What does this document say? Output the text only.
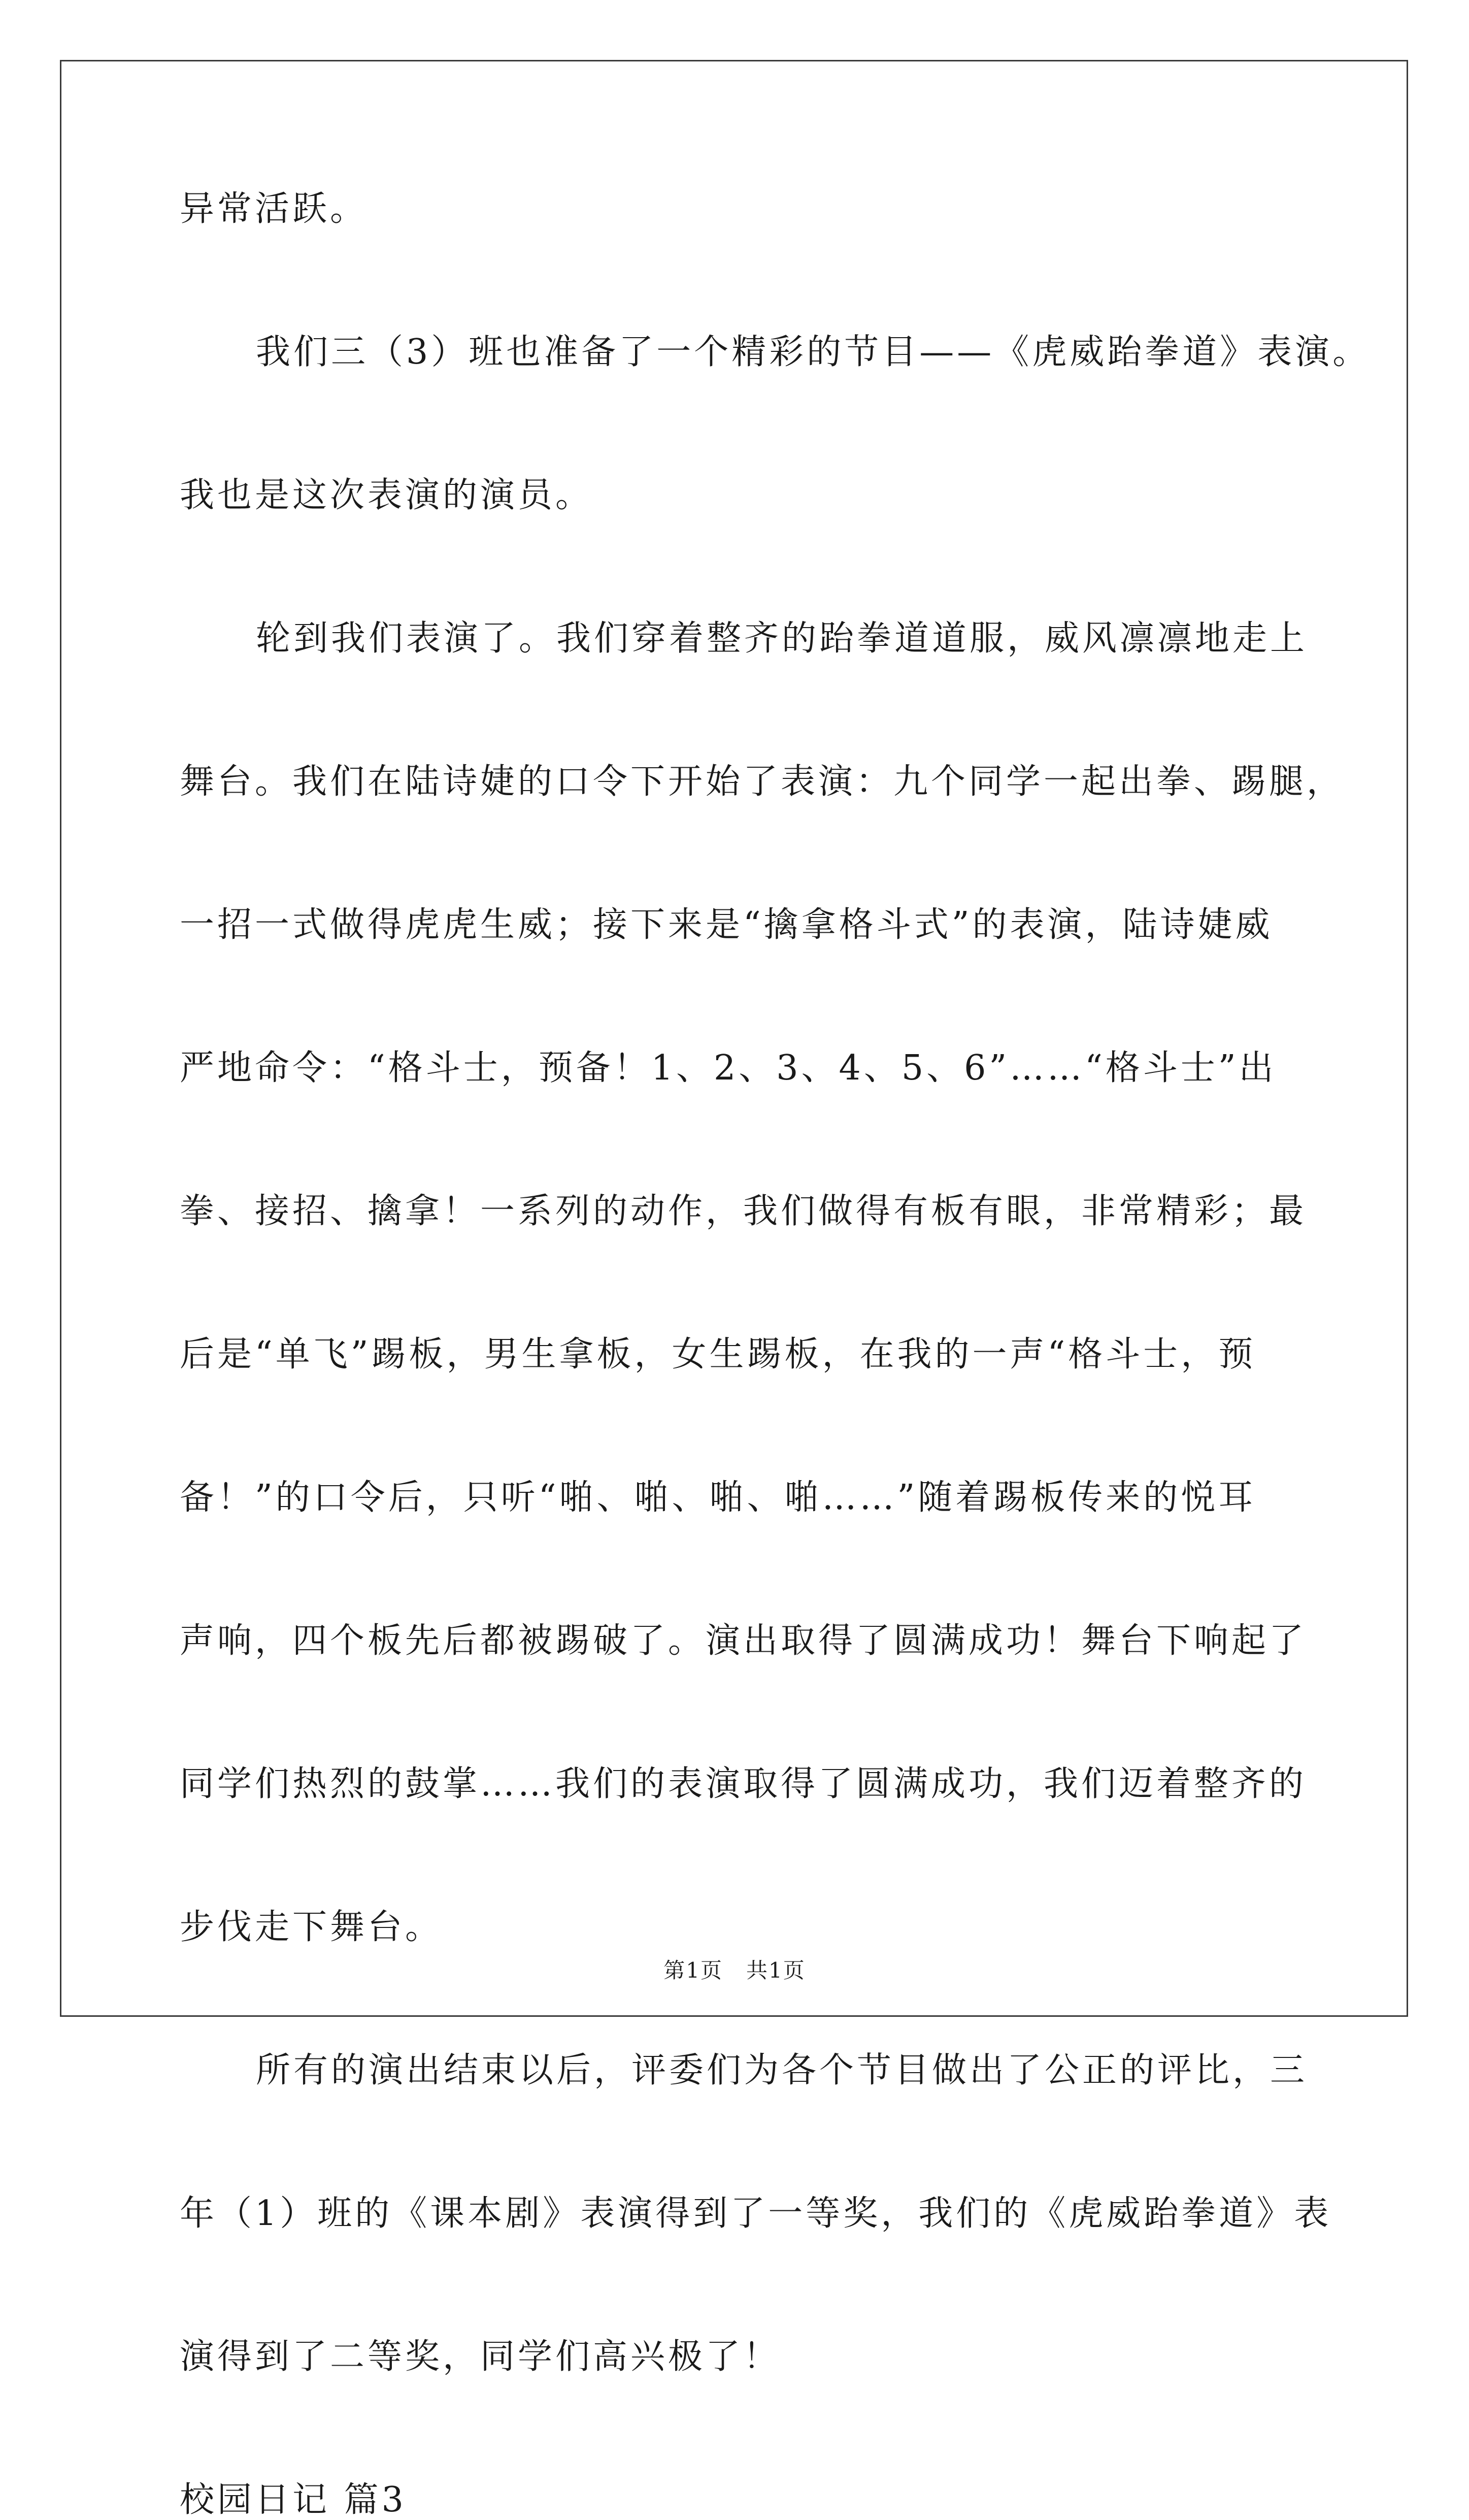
异常活跃。
我们三（3）班也准备了一个精彩的节目——《虎威跆拳道》表演。
我也是这次表演的演员。
轮到我们表演了。我们穿着整齐的跆拳道道服，威风凛凛地走上
舞台。我们在陆诗婕的口令下开始了表演：九个同学一起出拳、踢腿，
一招一式做得虎虎生威；接下来是“擒拿格斗式”的表演，陆诗婕威
严地命令：“格斗士，预备！1、2、3、4、5、6”……“格斗士”出
拳、接招、擒拿！一系列的动作，我们做得有板有眼，非常精彩；最
后是“单飞”踢板，男生拿板，女生踢板，在我的一声“格斗士，预
备！”的口令后，只听“啪、啪、啪、啪……”随着踢板传来的悦耳
声响，四个板先后都被踢破了。演出取得了圆满成功！舞台下响起了
同学们热烈的鼓掌……我们的表演取得了圆满成功，我们迈着整齐的
步伐走下舞台。
所有的演出结束以后，评委们为各个节目做出了公正的评比，三
年（1）班的《课本剧》表演得到了一等奖，我们的《虎威跆拳道》表
演得到了二等奖，同学们高兴极了！
校园日记 篇3
第1页   共1页
